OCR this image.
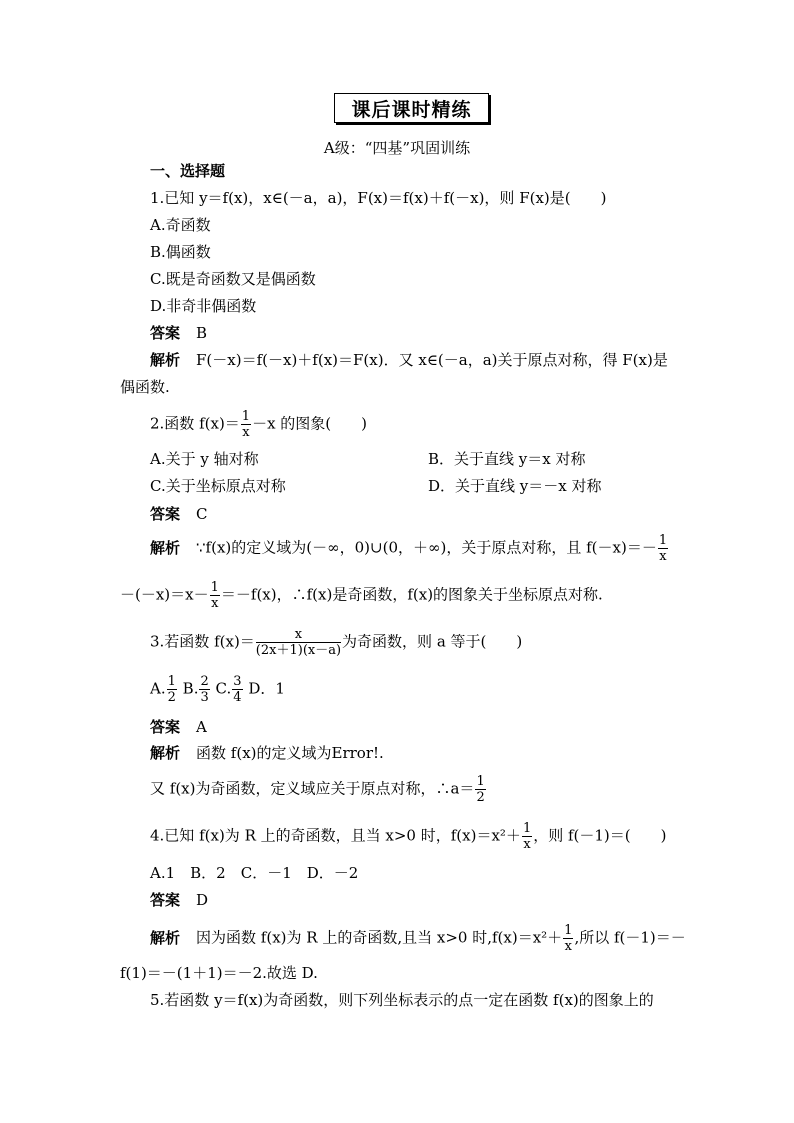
课后课时精练
A级：“四基”巩固训练
一、选择题
1.已知 y＝f(x)，x∈(－a，a)，F(x)＝f(x)＋f(－x)，则 F(x)是(　　)
A.奇函数
B.偶函数
C.既是奇函数又是偶函数
D.非奇非偶函数
答案 B
解析 F(－x)＝f(－x)＋f(x)＝F(x)．又 x∈(－a，a)关于原点对称，得 F(x)是
偶函数.
2.函数 $f(x)= \frac{1}{x} -x$ 的图象(　　)
A.关于 y 轴对称	B．关于直线 y＝x 对称
C.关于坐标原点对称	D．关于直线 y＝－x 对称
答案 C
解析 ∵f(x)的定义域为(－∞，0)∪(0，＋∞)，关于原点对称，且 $f(-x)=- \frac{1}{x}$
$-(-x)=x- \frac{1}{x} =-f(x)$，∴f(x)是奇函数，f(x)的图象关于坐标原点对称.
3.若函数 $f(x)= \frac{x}{(2x+1)(x-a)}$ 为奇函数，则 a 等于(　　)
A. $\frac{1}{2} B$. $\frac{2}{3} C$. $\frac{3}{4}$ D．1
答案 A
解析 函数 f(x)的定义域为Error!.
又 f(x)为奇函数，定义域应关于原点对称，∴a＝ $\frac{1}{2}$
4.已知 f(x)为 R 上的奇函数，且当 x>0 时，$f(x)=x^2+ \frac{1}{x}$ ，则 f(－1)＝(　　)
A.1　B．2　C．－1　D．－2
答案 D
解析 因为函数 f(x)为 R 上的奇函数,且当 x>0 时$,f(x)=x^2+ \frac{1}{x}$ ,所以 f(－1)＝－
f(1)＝－(1＋1)＝－2.故选 D.
5.若函数 y＝f(x)为奇函数，则下列坐标表示的点一定在函数 f(x)的图象上的
